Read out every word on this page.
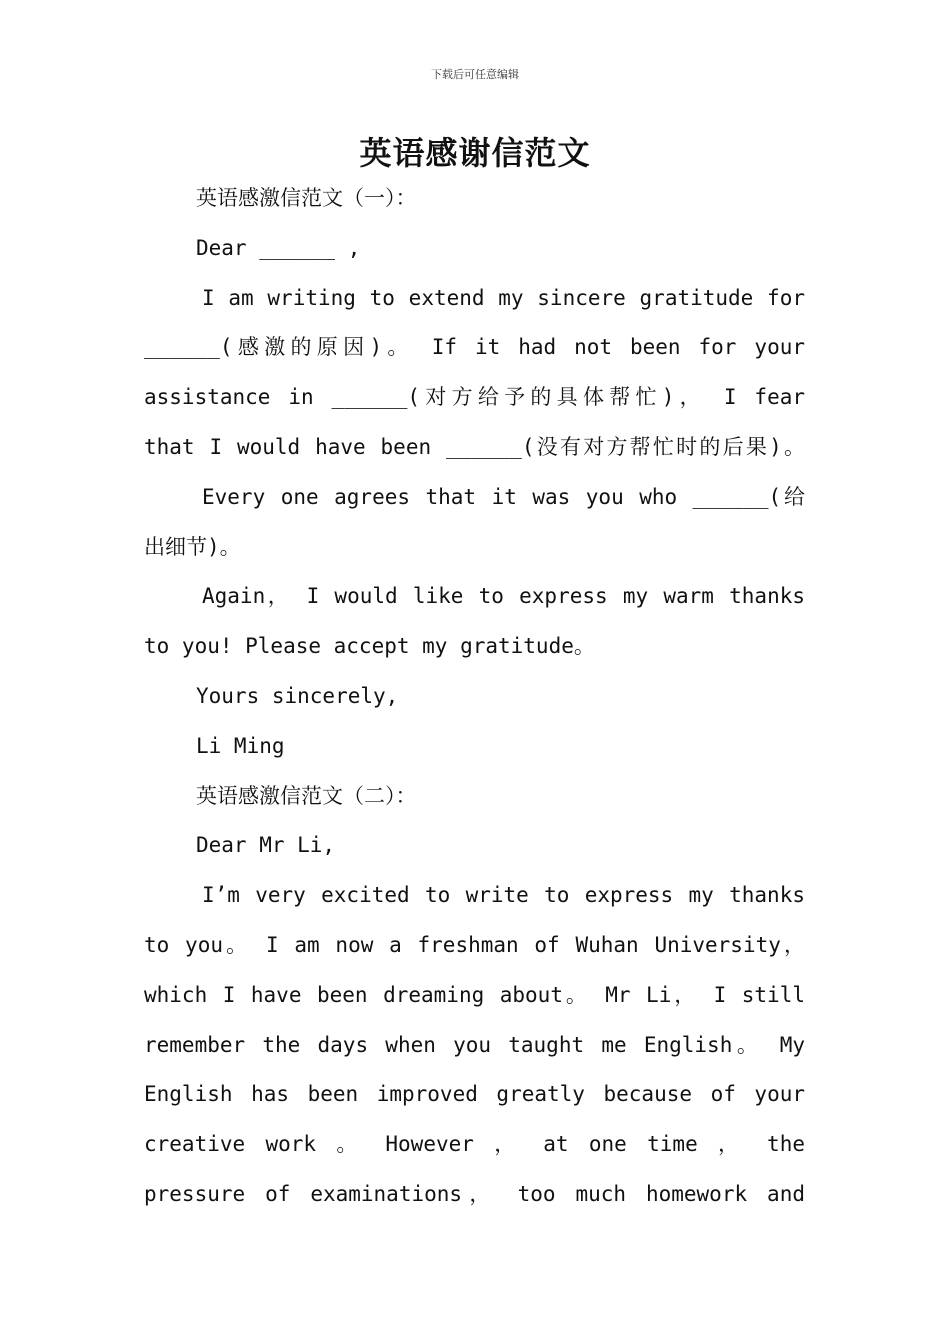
下载后可任意编辑
英语感谢信范文
英语感激信范文（一）：
Dear ______ ,
I am writing to extend my sincere gratitude for
______(感激的原因)。 If it had not been for your
assistance in ______(对方给予的具体帮忙)， I fear
that I would have been ______(没有对方帮忙时的后果)。
Every one agrees that it was you who ______(给
出细节)。
Again， I would like to express my warm thanks
to you! Please accept my gratitude。
Yours sincerely,
Li Ming
英语感激信范文（二）：
Dear Mr Li,
I’m very excited to write to express my thanks
to you。 I am now a freshman of Wuhan University，
which I have been dreaming about。 Mr Li， I still
remember the days when you taught me English。 My
English has been improved greatly because of your
creative work 。 However ， at one time ， the
pressure of examinations， too much homework and
